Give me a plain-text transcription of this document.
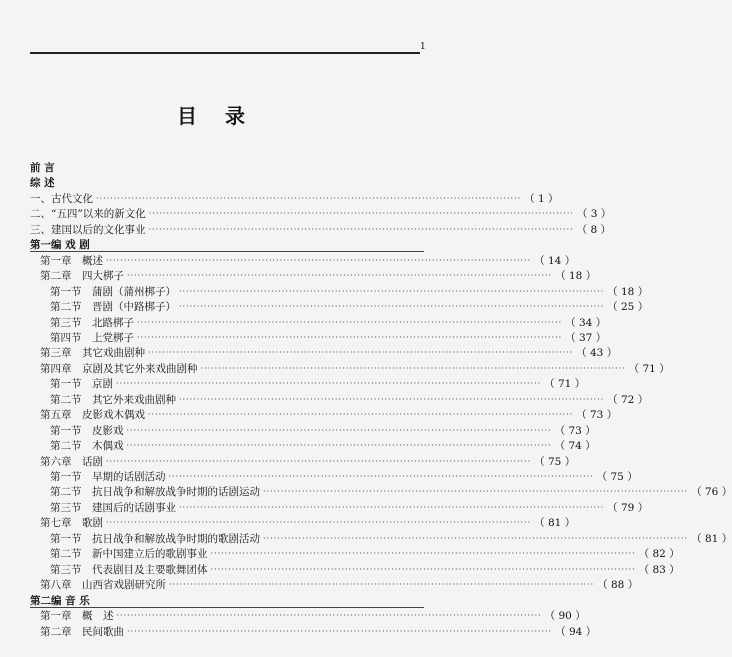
1
目录
前 言
综 述
一、古代文化 ························································································································ （ 1 ）
二、“五四”以来的新文化 ························································································································ （ 3 ）
三、建国以后的文化事业 ························································································································ （ 8 ）
第一编 戏 剧
第一章　概述 ························································································································ （ 14 ）
第二章　四大梆子 ························································································································ （ 18 ）
第一节　蒲剧（蒲州梆子） ························································································································ （ 18 ）
第二节　晋剧（中路梆子） ························································································································ （ 25 ）
第三节　北路梆子 ························································································································ （ 34 ）
第四节　上党梆子 ························································································································ （ 37 ）
第三章　其它戏曲剧种 ························································································································ （ 43 ）
第四章　京剧及其它外来戏曲剧种 ························································································································ （ 71 ）
第一节　京剧 ························································································································ （ 71 ）
第二节　其它外来戏曲剧种 ························································································································ （ 72 ）
第五章　皮影戏木偶戏 ························································································································ （ 73 ）
第一节　皮影戏 ························································································································ （ 73 ）
第二节　木偶戏 ························································································································ （ 74 ）
第六章　话剧 ························································································································ （ 75 ）
第一节　早期的话剧活动 ························································································································ （ 75 ）
第二节　抗日战争和解放战争时期的话剧运动 ························································································································ （ 76 ）
第三节　建国后的话剧事业 ························································································································ （ 79 ）
第七章　歌剧 ························································································································ （ 81 ）
第一节　抗日战争和解放战争时期的歌剧活动 ························································································································ （ 81 ）
第二节　新中国建立后的歌剧事业 ························································································································ （ 82 ）
第三节　代表剧目及主要歌舞团体 ························································································································ （ 83 ）
第八章　山西省戏剧研究所 ························································································································ （ 88 ）
第二编 音 乐
第一章　概　述 ························································································································ （ 90 ）
第二章　民间歌曲 ························································································································ （ 94 ）
